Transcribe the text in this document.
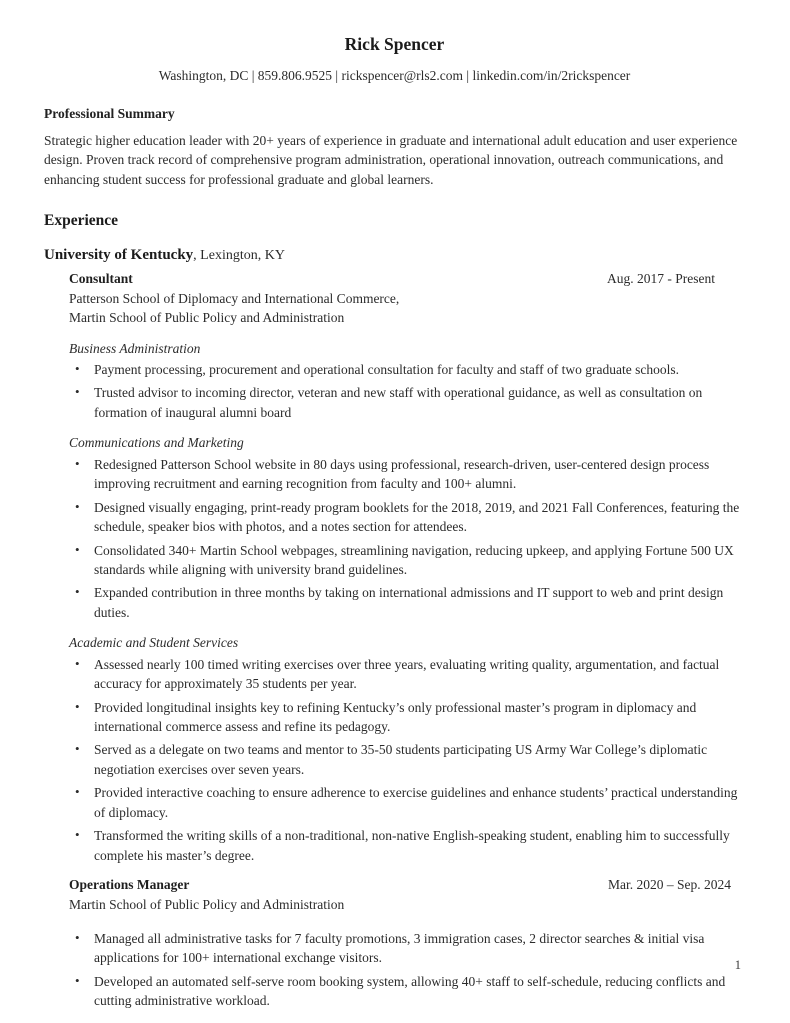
Rick Spencer
Washington, DC | 859.806.9525 | rickspencer@rls2.com | linkedin.com/in/2rickspencer
Professional Summary

Strategic higher education leader with 20+ years of experience in graduate and international adult education and user experience design. Proven track record of comprehensive program administration, operational innovation, outreach communications, and enhancing student success for professional graduate and global learners.

Experience
University of Kentucky, Lexington, KY
Consultant	Aug. 2017 - Present
Patterson School of Diplomacy and International Commerce,
Martin School of Public Policy and Administration
Business Administration
• Payment processing, procurement and operational consultation for faculty and staff of two graduate schools.
• Trusted advisor to incoming director, veteran and new staff with operational guidance, as well as consultation on formation of inaugural alumni board
Communications and Marketing
• Redesigned Patterson School website in 80 days using professional, research-driven, user-centered design process improving recruitment and earning recognition from faculty and 100+ alumni.
• Designed visually engaging, print-ready program booklets for the 2018, 2019, and 2021 Fall Conferences, featuring the schedule, speaker bios with photos, and a notes section for attendees.
• Consolidated 340+ Martin School webpages, streamlining navigation, reducing upkeep, and applying Fortune 500 UX standards while aligning with university brand guidelines.
• Expanded contribution in three months by taking on international admissions and IT support to web and print design duties.
Academic and Student Services
• Assessed nearly 100 timed writing exercises over three years, evaluating writing quality, argumentation, and factual accuracy for approximately 35 students per year.
• Provided longitudinal insights key to refining Kentucky’s only professional master’s program in diplomacy and international commerce assess and refine its pedagogy.
• Served as a delegate on two teams and mentor to 35-50 students participating US Army War College’s diplomatic negotiation exercises over seven years.
• Provided interactive coaching to ensure adherence to exercise guidelines and enhance students’ practical understanding of diplomacy.
• Transformed the writing skills of a non-traditional, non-native English-speaking student, enabling him to successfully complete his master’s degree.
Operations Manager	Mar. 2020 – Sep. 2024
Martin School of Public Policy and Administration
• Managed all administrative tasks for 7 faculty promotions, 3 immigration cases, 2 director searches & initial visa applications for 100+ international exchange visitors.
• Developed an automated self-serve room booking system, allowing 40+ staff to self-schedule, reducing conflicts and cutting administrative workload.
1
